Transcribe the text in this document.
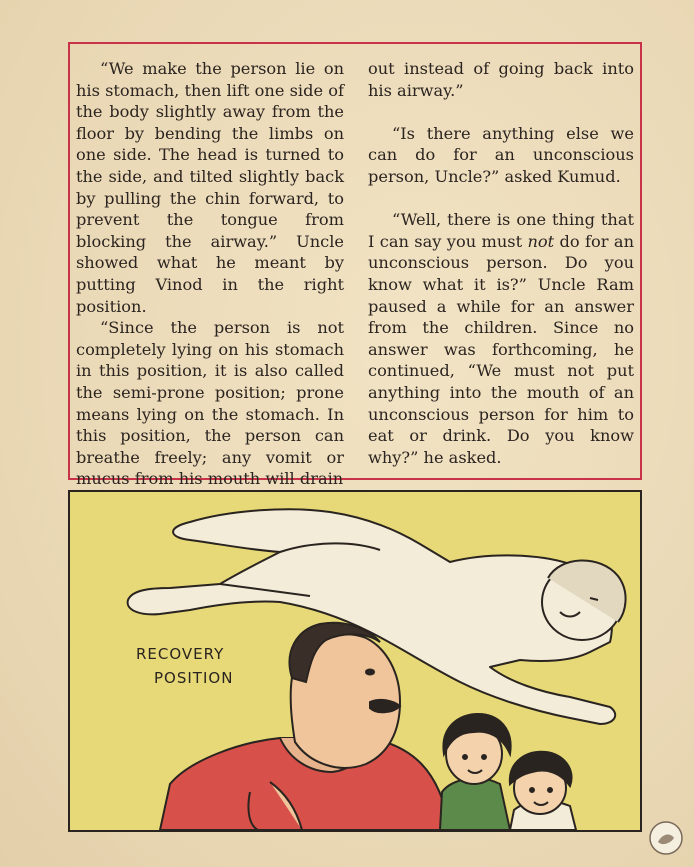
“We make the person lie on his stomach, then lift one side of the body slightly away from the floor by bending the limbs on one side. The head is turned to the side, and tilted slightly back by pulling the chin forward, to prevent the tongue from blocking the airway.” Uncle showed what he meant by putting Vinod in the right position.

“Since the person is not completely lying on his stomach in this position, it is also called the semi-prone position; prone means lying on the stomach. In this position, the person can breathe freely; any vomit or mucus from his mouth will drain

out instead of going back into his airway.”

“Is there anything else we can do for an unconscious person, Uncle?” asked Kumud.

“Well, there is one thing that I can say you must not do for an unconscious person. Do you know what it is?” Uncle Ram paused a while for an answer from the children. Since no answer was forthcoming, he continued, “We must not put anything into the mouth of an unconscious person for him to eat or drink. Do you know why?” he asked.

RECOVERY
POSITION
